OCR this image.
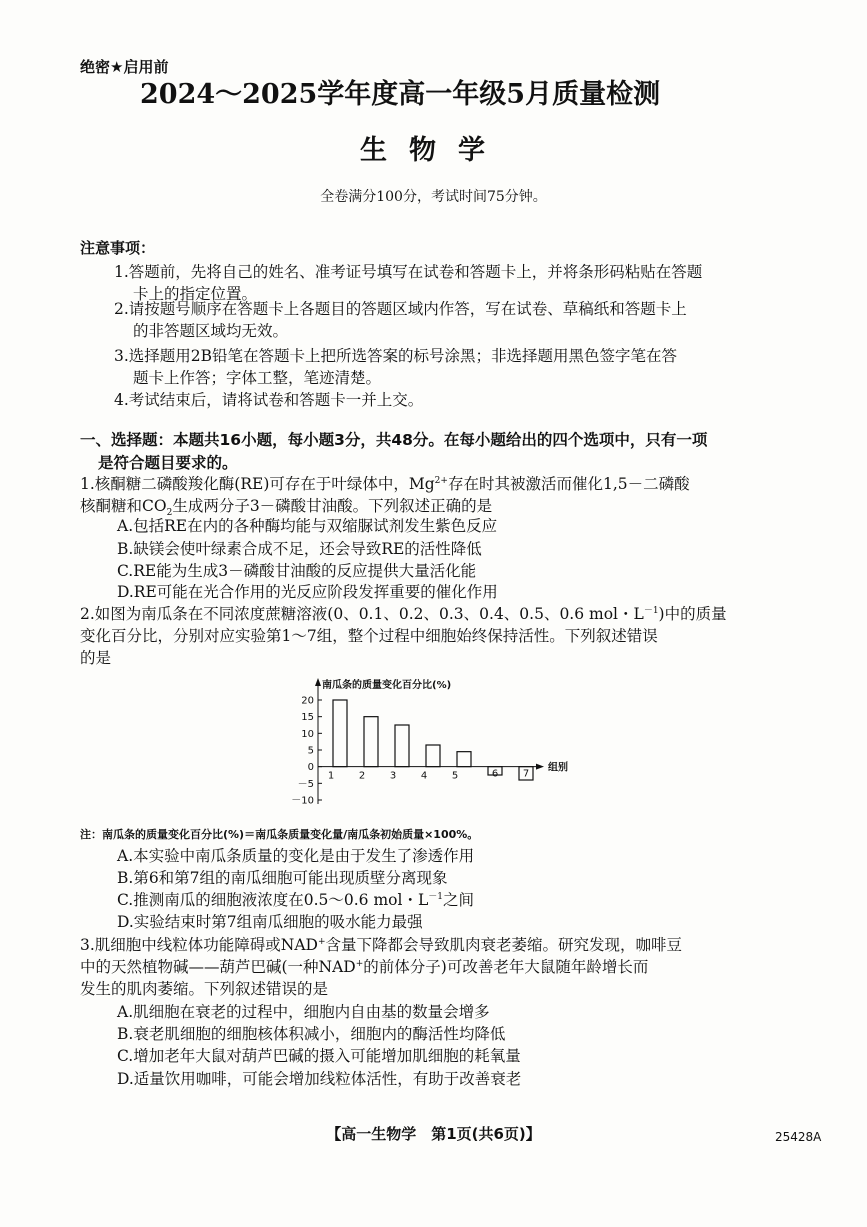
绝密★启用前
2024～2025学年度高一年级5月质量检测
生物学
全卷满分100分，考试时间75分钟。
注意事项：
1.答题前，先将自己的姓名、准考证号填写在试卷和答题卡上，并将条形码粘贴在答题
卡上的指定位置。
2.请按题号顺序在答题卡上各题目的答题区域内作答，写在试卷、草稿纸和答题卡上
的非答题区域均无效。
3.选择题用2B铅笔在答题卡上把所选答案的标号涂黑；非选择题用黑色签字笔在答
题卡上作答；字体工整，笔迹清楚。
4.考试结束后，请将试卷和答题卡一并上交。
一、选择题：本题共16小题，每小题3分，共48分。在每小题给出的四个选项中，只有一项
是符合题目要求的。
1.核酮糖二磷酸羧化酶(RE)可存在于叶绿体中，$Mg^{2+}$存在时其被激活而催化1,5－二磷酸
核酮糖和$CO_2$生成两分子3－磷酸甘油酸。下列叙述正确的是
A.包括RE在内的各种酶均能与双缩脲试剂发生紫色反应
B.缺镁会使叶绿素合成不足，还会导致RE的活性降低
C.RE能为生成3－磷酸甘油酸的反应提供大量活化能
D.RE可能在光合作用的光反应阶段发挥重要的催化作用
2.如图为南瓜条在不同浓度蔗糖溶液(0、0.1、0.2、0.3、0.4、0.5、0.6 mol・$L^{-1}$)中的质量
变化百分比，分别对应实验第1～7组，整个过程中细胞始终保持活性。下列叙述错误
的是
南瓜条的质量变化百分比(%)
组别
20
15
10
5
0
－5
－10
1 2 3 4 5	6 7
注：南瓜条的质量变化百分比(%)＝南瓜条质量变化量/南瓜条初始质量×100%。
A.本实验中南瓜条质量的变化是由于发生了渗透作用
B.第6和第7组的南瓜细胞可能出现质壁分离现象
C.推测南瓜的细胞液浓度在0.5～0.6 mol・$L^{-1}$之间
D.实验结束时第7组南瓜细胞的吸水能力最强
3.肌细胞中线粒体功能障碍或NAD+含量下降都会导致肌肉衰老萎缩。研究发现，咖啡豆
中的天然植物碱——葫芦巴碱(一种NAD+的前体分子)可改善老年大鼠随年龄增长而
发生的肌肉萎缩。下列叙述错误的是
A.肌细胞在衰老的过程中，细胞内自由基的数量会增多
B.衰老肌细胞的细胞核体积减小，细胞内的酶活性均降低
C.增加老年大鼠对葫芦巴碱的摄入可能增加肌细胞的耗氧量
D.适量饮用咖啡，可能会增加线粒体活性，有助于改善衰老
【高一生物学　第1页(共6页)】	25428A
